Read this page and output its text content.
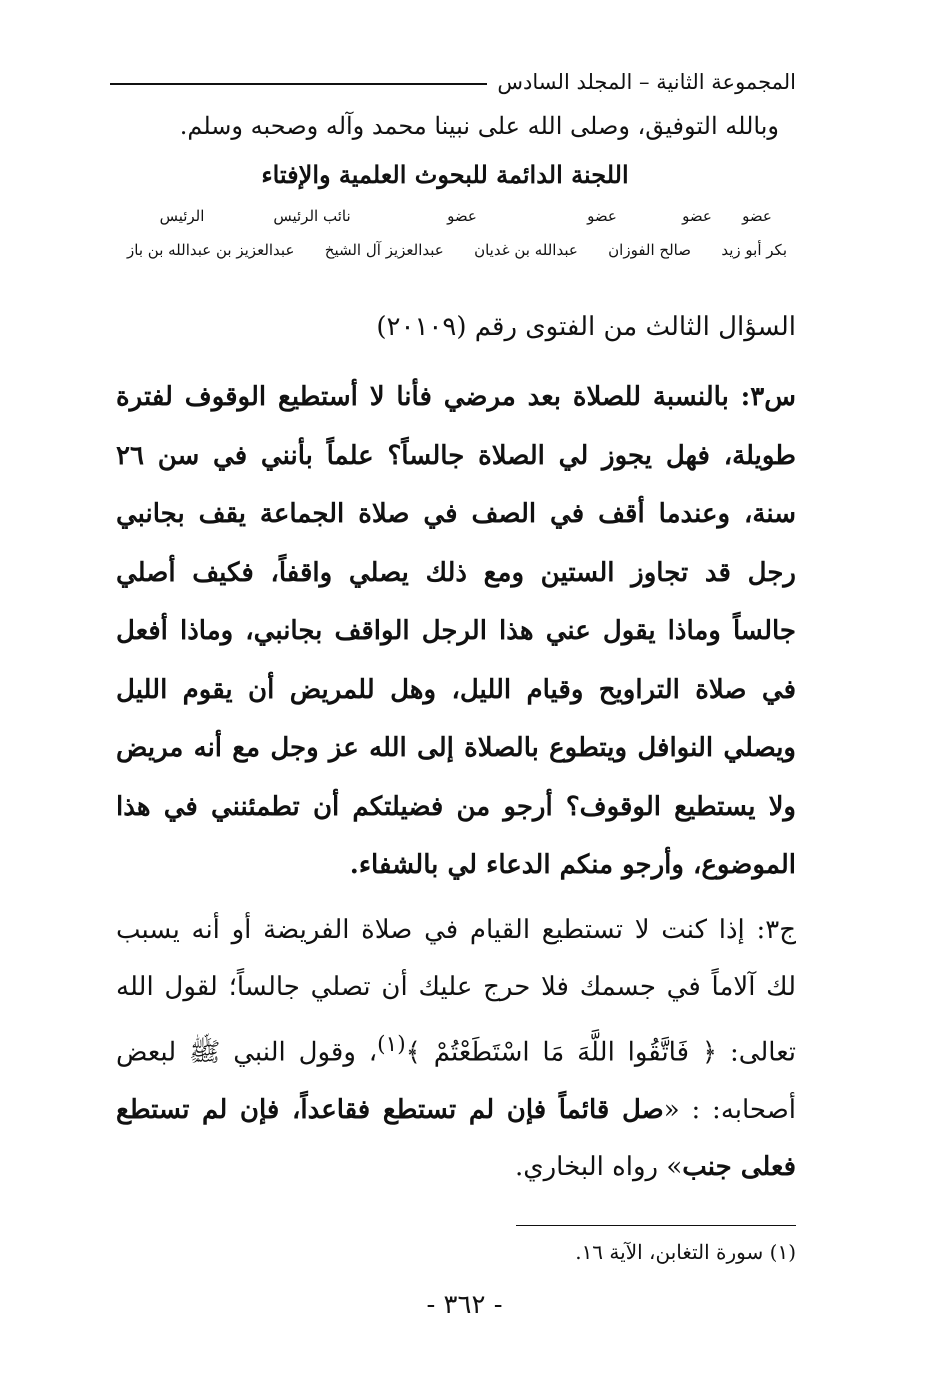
المجموعة الثانية – المجلد السادس
وبالله التوفيق، وصلى الله على نبينا محمد وآله وصحبه وسلم.
اللجنة الدائمة للبحوث العلمية والإفتاء
عضو
عضو
عضو
عضو
نائب الرئيس
الرئيس
بكر أبو زيد
صالح الفوزان
عبدالله بن غديان
عبدالعزيز آل الشيخ
عبدالعزيز بن عبدالله بن باز
السؤال الثالث من الفتوى رقم (٢٠١٠٩)
س٣: بالنسبة للصلاة بعد مرضي فأنا لا أستطيع الوقوف لفترة طويلة، فهل يجوز لي الصلاة جالساً؟ علماً بأنني في سن ٢٦ سنة، وعندما أقف في الصف في صلاة الجماعة يقف بجانبي رجل قد تجاوز الستين ومع ذلك يصلي واقفاً، فكيف أصلي جالساً وماذا يقول عني هذا الرجل الواقف بجانبي، وماذا أفعل في صلاة التراويح وقيام الليل، وهل للمريض أن يقوم الليل ويصلي النوافل ويتطوع بالصلاة إلى الله عز وجل مع أنه مريض ولا يستطيع الوقوف؟ أرجو من فضيلتكم أن تطمئنني في هذا الموضوع، وأرجو منكم الدعاء لي بالشفاء.
ج٣: إذا كنت لا تستطيع القيام في صلاة الفريضة أو أنه يسبب لك آلاماً في جسمك فلا حرج عليك أن تصلي جالساً؛ لقول الله تعالى: ﴿ فَاتَّقُوا اللَّهَ مَا اسْتَطَعْتُمْ ﴾$^{(١)}$، وقول النبي ﷺ لبعض أصحابه: : «صل قائماً فإن لم تستطع فقاعداً، فإن لم تستطع فعلى جنب» رواه البخاري.
(١) سورة التغابن، الآية ١٦.
- ٣٦٢ -
